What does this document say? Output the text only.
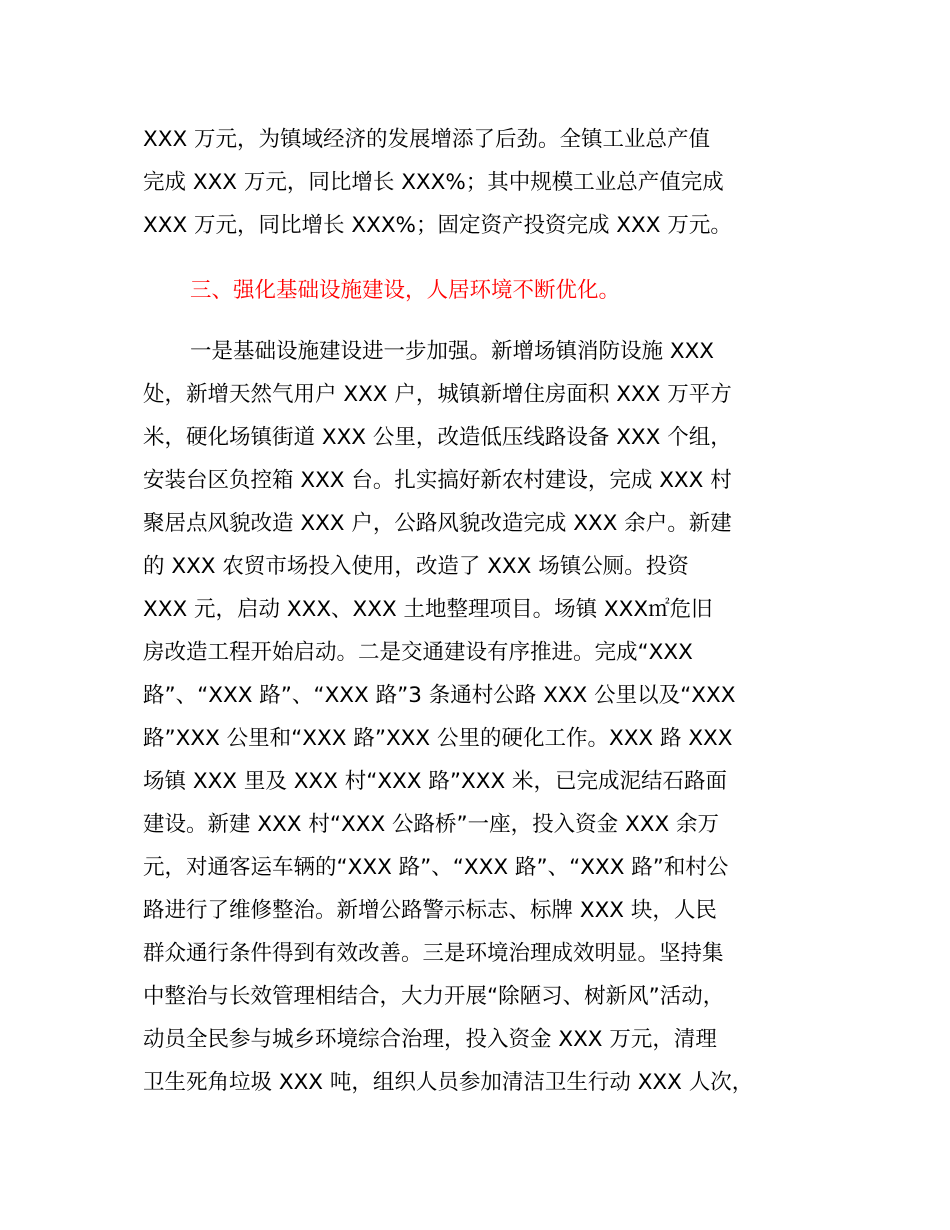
XXX 万元，为镇域经济的发展增添了后劲。全镇工业总产值
完成 XXX 万元，同比增长 XXX%；其中规模工业总产值完成
XXX 万元，同比增长 XXX%；固定资产投资完成 XXX 万元。
三、强化基础设施建设，人居环境不断优化。
一是基础设施建设进一步加强。新增场镇消防设施 XXX
处，新增天然气用户 XXX 户，城镇新增住房面积 XXX 万平方
米，硬化场镇街道 XXX 公里，改造低压线路设备 XXX 个组，
安装台区负控箱 XXX 台。扎实搞好新农村建设，完成 XXX 村
聚居点风貌改造 XXX 户，公路风貌改造完成 XXX 余户。新建
的 XXX 农贸市场投入使用，改造了 XXX 场镇公厕。投资
XXX 元，启动 XXX、XXX 土地整理项目。场镇 XXX㎡危旧
房改造工程开始启动。二是交通建设有序推进。完成“XXX
路”、“XXX 路”、“XXX 路”3 条通村公路 XXX 公里以及“XXX
路”XXX 公里和“XXX 路”XXX 公里的硬化工作。XXX 路 XXX
场镇 XXX 里及 XXX 村“XXX 路”XXX 米，已完成泥结石路面
建设。新建 XXX 村“XXX 公路桥”一座，投入资金 XXX 余万
元，对通客运车辆的“XXX 路”、“XXX 路”、“XXX 路”和村公
路进行了维修整治。新增公路警示标志、标牌 XXX 块，人民
群众通行条件得到有效改善。三是环境治理成效明显。坚持集
中整治与长效管理相结合，大力开展“除陋习、树新风”活动，
动员全民参与城乡环境综合治理，投入资金 XXX 万元，清理
卫生死角垃圾 XXX 吨，组织人员参加清洁卫生行动 XXX 人次，
